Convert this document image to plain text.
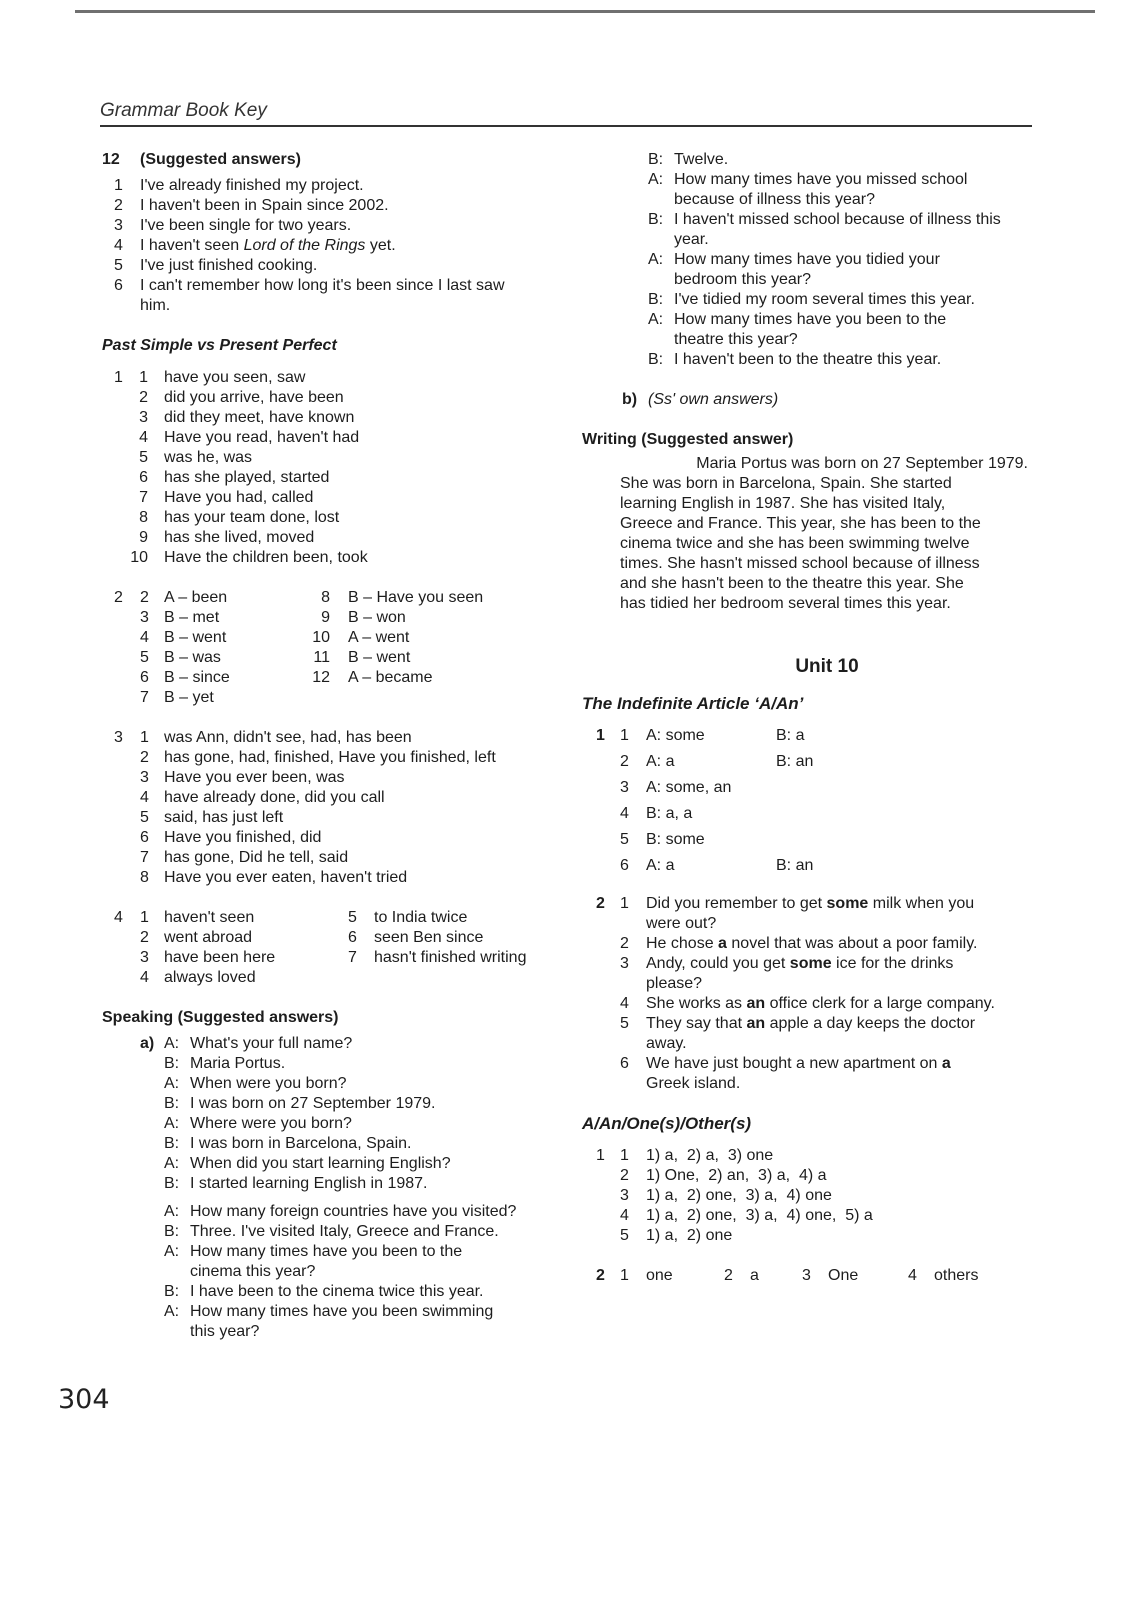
Grammar Book Key
12 (Suggested answers)
1 I've already finished my project.
2 I haven't been in Spain since 2002.
3 I've been single for two years.
4 I haven't seen Lord of the Rings yet.
5 I've just finished cooking.
6 I can't remember how long it's been since I last saw
him.
Past Simple vs Present Perfect
1	1 have you seen, saw
2 did you arrive, have been
3 did they meet, have known
4 Have you read, haven't had
5 was he, was
6 has she played, started
7 Have you had, called
8 has your team done, lost
9 has she lived, moved
10 Have the children been, took
2 2 A – been	8 B – Have you seen
3 B – met	9 B – won
4 B – went	10 A – went
5 B – was	11 B – went
6 B – since	12 A – became
7 B – yet
3 1 was Ann, didn't see, had, has been
2 has gone, had, finished, Have you finished, left
3 Have you ever been, was
4 have already done, did you call
5 said, has just left
6 Have you finished, did
7 has gone, Did he tell, said
8 Have you ever eaten, haven't tried
4 1 haven't seen	5 to India twice
2 went abroad	6 seen Ben since
3 have been here	7 hasn't finished writing
4 always loved
Speaking (Suggested answers)
a) A: What's your full name?
B: Maria Portus.
A: When were you born?
B: I was born on 27 September 1979.
A: Where were you born?
B: I was born in Barcelona, Spain.
A: When did you start learning English?
B: I started learning English in 1987.
A: How many foreign countries have you visited?
B: Three. I've visited Italy, Greece and France.
A: How many times have you been to the
cinema this year?
B: I have been to the cinema twice this year.
A: How many times have you been swimming
this year?
B: Twelve.
A: How many times have you missed school
because of illness this year?
B: I haven't missed school because of illness this
year.
A: How many times have you tidied your
bedroom this year?
B: I've tidied my room several times this year.
A: How many times have you been to the
theatre this year?
B: I haven't been to the theatre this year.
b) (Ss' own answers)
Writing (Suggested answer)
Maria Portus was born on 27 September 1979.
She was born in Barcelona, Spain. She started
learning English in 1987. She has visited Italy,
Greece and France. This year, she has been to the
cinema twice and she has been swimming twelve
times. She hasn't missed school because of illness
and she hasn't been to the theatre this year. She
has tidied her bedroom several times this year.
Unit 10
The Indefinite Article ‘A/An’
1 1 A: some	B: a
2 A: a	B: an
3 A: some, an
4 B: a, a
5 B: some
6 A: a	B: an
2 1 Did you remember to get some milk when you
were out?
2 He chose a novel that was about a poor family.
3 Andy, could you get some ice for the drinks
please?
4 She works as an office clerk for a large company.
5 They say that an apple a day keeps the doctor
away.
6 We have just bought a new apartment on a
Greek island.
A/An/One(s)/Other(s)
1 1 1) a,  2) a,  3) one
2 1) One,  2) an,  3) a,  4) a
3 1) a,  2) one,  3) a,  4) one
4 1) a,  2) one,  3) a,  4) one,  5) a
5 1) a,  2) one
2 1 one	2 a	3 One	4 others
304
